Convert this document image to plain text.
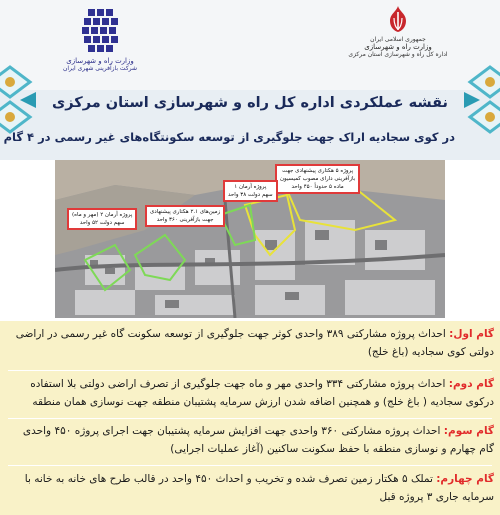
وزارت راه و شهرسازی
شرکت بازآفرینی شهری ایران
جمهوری اسلامی ایران
وزارت راه و شهرسازی
اداره کل راه و شهرسازی استان مرکزی
نقشه عملکردی اداره کل راه و شهرسازی استان مرکزی
در کوی سجادیه اراک جهت جلوگیری از توسعه سکونتگاه‌های غیر رسمی در ۴ گام
پروژه ۵ هکتاری پیشنهادی جهت
بازآفرینی دارای مصوب کمیسیون
ماده ۵ حدوداً ۴۵۰ واحد
پروژه آرمان ۱
سهم دولت ۳۸ واحد
زمین‌های ۲.۱ هکتاری پیشنهادی
جهت بازآفرینی ۳۶۰ واحد
پروژه آرمان ۲ (مهر و ماه)
سهم دولت ۵۲ واحد
گام اول: احداث پروژه مشارکتی ۳۸۹ واحدی کوثر جهت جلوگیری از توسعه سکونت گاه غیر رسمی در اراضی دولتی کوی سجادیه (باغ خلج)
گام دوم: احداث پروژه مشارکتی ۳۳۴ واحدی مهر و ماه جهت جلوگیری از تصرف اراضی دولتی بلا استفاده درکوی سجادیه ( باغ خلج) و همچنین اضافه شدن ارزش سرمایه پشتیبان منطقه جهت نوسازی همان منطقه
گام سوم: احداث پروژه مشارکتی ۳۶۰ واحدی جهت افزایش سرمایه پشتیبان جهت اجرای پروژه ۴۵۰ واحدی گام چهارم و نوسازی منطقه با حفظ سکونت ساکنین (آغاز عملیات اجرایی)
گام چهارم: تملک ۵ هکتار زمین تصرف شده و تخریب و احداث ۴۵۰ واحد در قالب طرح های خانه به خانه با سرمایه جاری ۳ پروژه قبل
